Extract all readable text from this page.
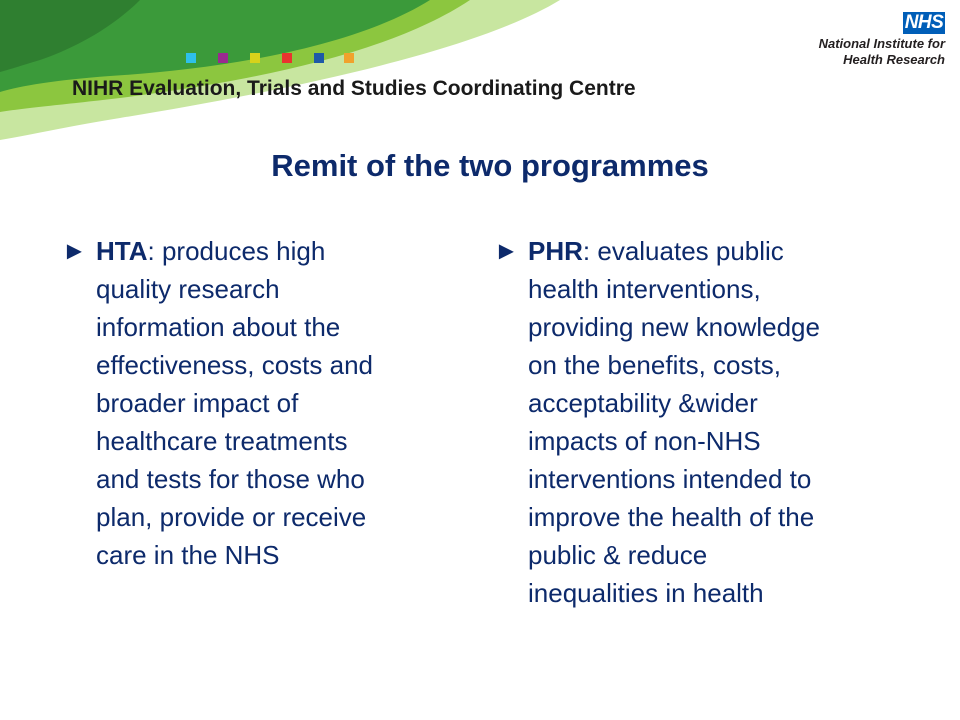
NHS
National Institute for
Health Research
NIHR Evaluation, Trials and Studies Coordinating Centre
Remit of the two programmes
► HTA: produces high
quality research
information about the
effectiveness, costs and
broader impact of
healthcare treatments
and tests for those who
plan, provide or receive
care in the NHS
► PHR: evaluates public
health interventions,
providing new knowledge
on the benefits, costs,
acceptability &wider
impacts of non-NHS
interventions intended to
improve the health of the
public & reduce
inequalities in health
